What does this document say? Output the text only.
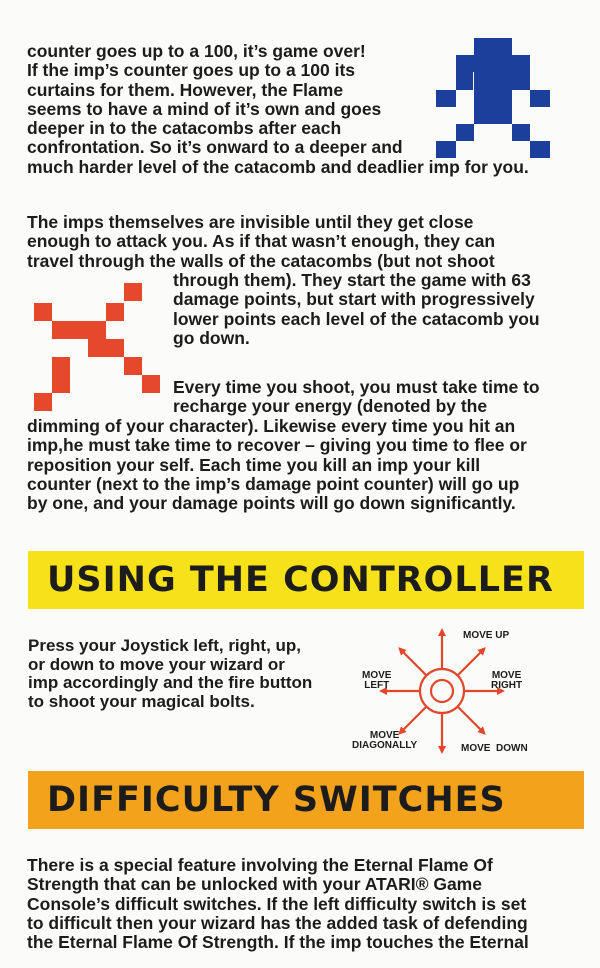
counter goes up to a 100, it’s game over!
If the imp’s counter goes up to a 100 its
curtains for them. However, the Flame
seems to have a mind of it’s own and goes
deeper in to the catacombs after each
confrontation. So it’s onward to a deeper and
much harder level of the catacomb and deadlier imp for you.
The imps themselves are invisible until they get close
enough to attack you. As if that wasn’t enough, they can
travel through the walls of the catacombs (but not shoot
through them). They start the game with 63
damage points, but start with progressively
lower points each level of the catacomb you
go down.
Every time you shoot, you must take time to
recharge your energy (denoted by the
dimming of your character). Likewise every time you hit an
imp,he must take time to recover – giving you time to flee or
reposition your self. Each time you kill an imp your kill
counter (next to the imp’s damage point counter) will go up
by one, and your damage points will go down significantly.
USING THE CONTROLLER
Press your Joystick left, right, up,
or down to move your wizard or
imp accordingly and the fire button
to shoot your magical bolts.
MOVE UP
MOVE
LEFT
MOVE
RIGHT
MOVE
DIAGONALLY	MOVE  DOWN
DIFFICULTY SWITCHES
There is a special feature involving the Eternal Flame Of
Strength that can be unlocked with your ATARI® Game
Console’s difficult switches. If the left difficulty switch is set
to difficult then your wizard has the added task of defending
the Eternal Flame Of Strength. If the imp touches the Eternal
